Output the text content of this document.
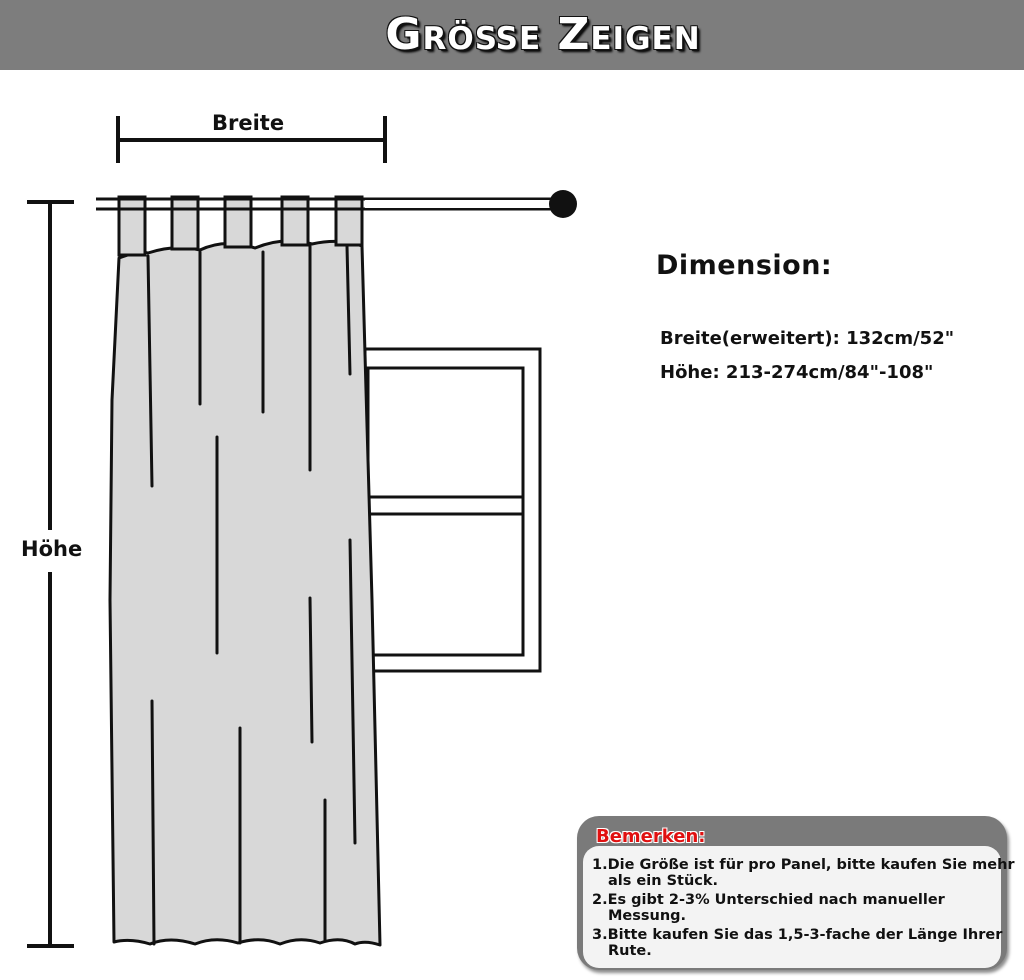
Größe Zeigen
Breite
Höhe
Dimension:
Breite(erweitert): 132cm/52"
Höhe: 213-274cm/84"-108"
Bemerken:
1.Die Größe ist für pro Panel, bitte kaufen Sie mehr als ein Stück.
2.Es gibt 2-3% Unterschied nach manueller Messung.
3.Bitte kaufen Sie das 1,5-3-fache der Länge Ihrer Rute.
